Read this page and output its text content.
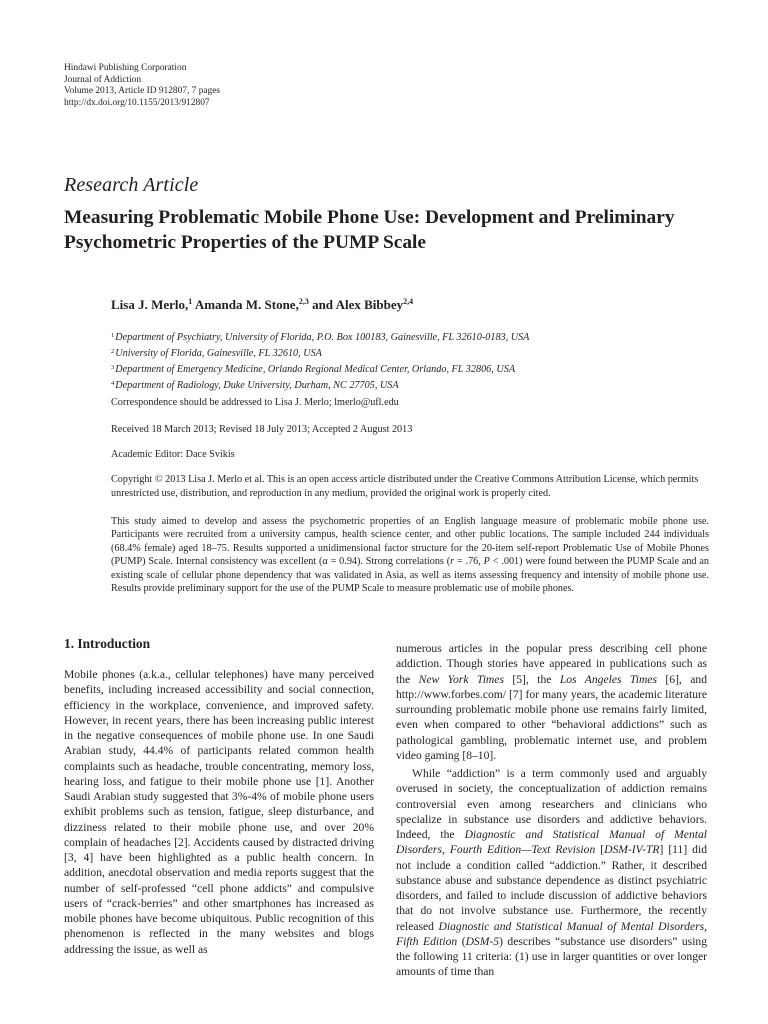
Hindawi Publishing Corporation
Journal of Addiction
Volume 2013, Article ID 912807, 7 pages
http://dx.doi.org/10.1155/2013/912807
Research Article
Measuring Problematic Mobile Phone Use: Development and Preliminary Psychometric Properties of the PUMP Scale
Lisa J. Merlo,$^1$ Amanda M. Stone,$^{2,3}$ and Alex Bibbey$^{2,4}$
$^1$Department of Psychiatry, University of Florida, P.O. Box 100183, Gainesville, FL 32610-0183, USA
$^2$University of Florida, Gainesville, FL 32610, USA
$^3$Department of Emergency Medicine, Orlando Regional Medical Center, Orlando, FL 32806, USA
$^4$Department of Radiology, Duke University, Durham, NC 27705, USA
Correspondence should be addressed to Lisa J. Merlo; lmerlo@ufl.edu
Received 18 March 2013; Revised 18 July 2013; Accepted 2 August 2013
Academic Editor: Dace Svikis
Copyright © 2013 Lisa J. Merlo et al. This is an open access article distributed under the Creative Commons Attribution License, which permits unrestricted use, distribution, and reproduction in any medium, provided the original work is properly cited.
This study aimed to develop and assess the psychometric properties of an English language measure of problematic mobile phone use. Participants were recruited from a university campus, health science center, and other public locations. The sample included 244 individuals (68.4% female) aged 18–75. Results supported a unidimensional factor structure for the 20-item self-report Problematic Use of Mobile Phones (PUMP) Scale. Internal consistency was excellent (α = 0.94). Strong correlations (r = .76, P < .001) were found between the PUMP Scale and an existing scale of cellular phone dependency that was validated in Asia, as well as items assessing frequency and intensity of mobile phone use. Results provide preliminary support for the use of the PUMP Scale to measure problematic use of mobile phones.
1. Introduction

Mobile phones (a.k.a., cellular telephones) have many perceived benefits, including increased accessibility and social connection, efficiency in the workplace, convenience, and improved safety. However, in recent years, there has been increasing public interest in the negative consequences of mobile phone use. In one Saudi Arabian study, 44.4% of participants related common health complaints such as headache, trouble concentrating, memory loss, hearing loss, and fatigue to their mobile phone use [1]. Another Saudi Arabian study suggested that 3%-4% of mobile phone users exhibit problems such as tension, fatigue, sleep disturbance, and dizziness related to their mobile phone use, and over 20% complain of headaches [2]. Accidents caused by distracted driving [3, 4] have been highlighted as a public health concern. In addition, anecdotal observation and media reports suggest that the number of self-professed “cell phone addicts” and compulsive users of “crack-berries” and other smartphones has increased as mobile phones have become ubiquitous. Public recognition of this phenomenon is reflected in the many websites and blogs addressing the issue, as well as

numerous articles in the popular press describing cell phone addiction. Though stories have appeared in publications such as the New York Times [5], the Los Angeles Times [6], and http://www.forbes.com/ [7] for many years, the academic literature surrounding problematic mobile phone use remains fairly limited, even when compared to other “behavioral addictions” such as pathological gambling, problematic internet use, and problem video gaming [8–10].

While “addiction” is a term commonly used and arguably overused in society, the conceptualization of addiction remains controversial even among researchers and clinicians who specialize in substance use disorders and addictive behaviors. Indeed, the Diagnostic and Statistical Manual of Mental Disorders, Fourth Edition—Text Revision [DSM-IV-TR] [11] did not include a condition called “addiction.” Rather, it described substance abuse and substance dependence as distinct psychiatric disorders, and failed to include discussion of addictive behaviors that do not involve substance use. Furthermore, the recently released Diagnostic and Statistical Manual of Mental Disorders, Fifth Edition (DSM-5) describes “substance use disorders” using the following 11 criteria: (1) use in larger quantities or over longer amounts of time than
